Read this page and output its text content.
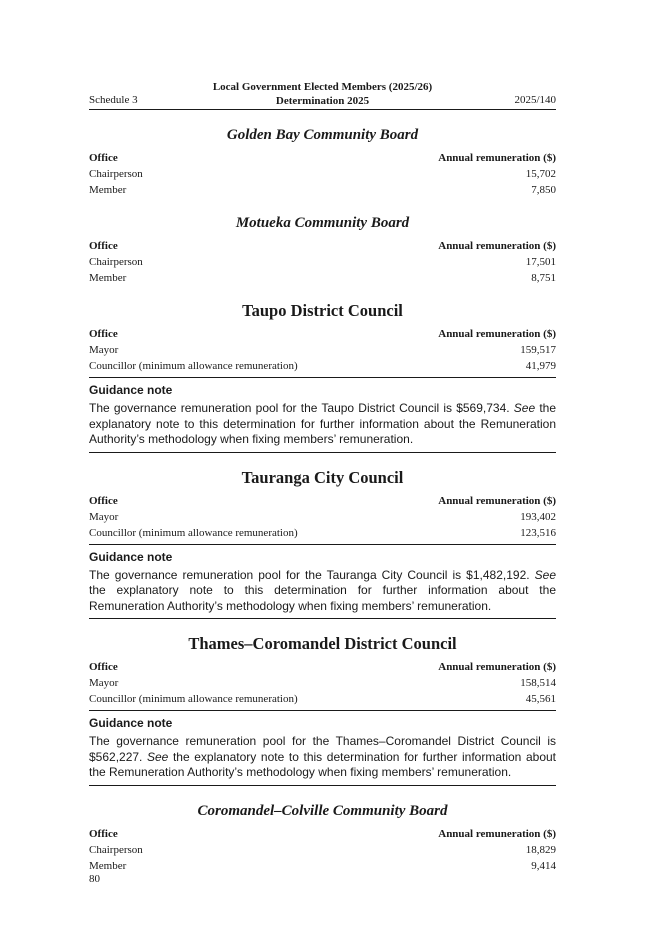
Schedule 3
Local Government Elected Members (2025/26)
Determination 2025	2025/140
Golden Bay Community Board
Office	Annual remuneration ($)
Chairperson	15,702
Member	7,850
Motueka Community Board
Office	Annual remuneration ($)
Chairperson	17,501
Member	8,751
Taupo District Council
Office	Annual remuneration ($)
Mayor	159,517
Councillor (minimum allowance remuneration)	41,979
Guidance note

The governance remuneration pool for the Taupo District Council is $569,734. See the explanatory note to this determination for further information about the Remuneration Authority’s methodology when fixing members’ remuneration.

Tauranga City Council
Office	Annual remuneration ($)
Mayor	193,402
Councillor (minimum allowance remuneration)	123,516
Guidance note

The governance remuneration pool for the Tauranga City Council is $1,482,192. See the explanatory note to this determination for further information about the Remuneration Authority’s methodology when fixing members’ remuneration.

Thames–Coromandel District Council
Office	Annual remuneration ($)
Mayor	158,514
Councillor (minimum allowance remuneration)	45,561
Guidance note

The governance remuneration pool for the Thames–Coromandel District Council is $562,227. See the explanatory note to this determination for further information about the Remuneration Authority’s methodology when fixing members’ remuneration.

Coromandel–Colville Community Board
Office	Annual remuneration ($)
Chairperson	18,829
Member	9,414
80
